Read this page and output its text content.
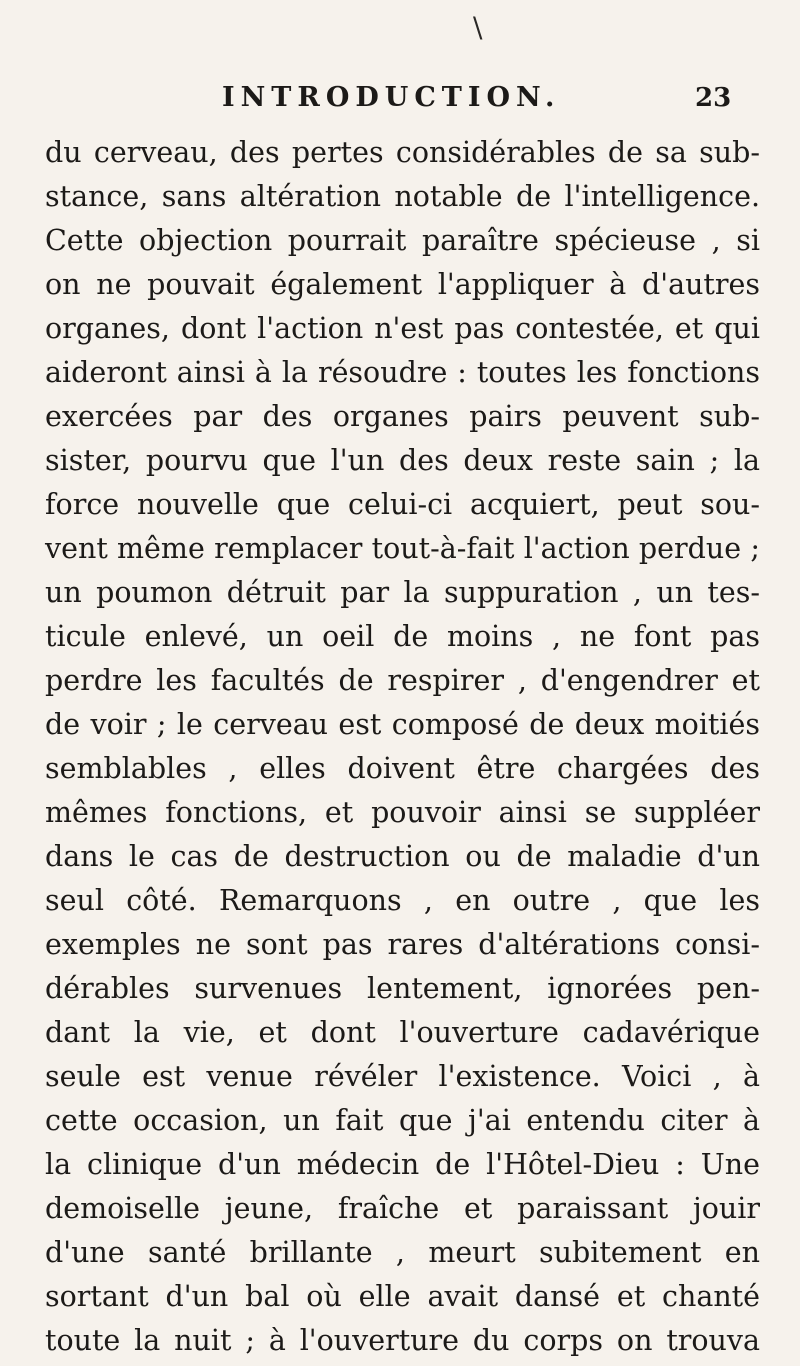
\
INTRODUCTION.	23
du cerveau, des pertes considérables de sa sub-
stance, sans altération notable de l'intelligence.
Cette objection pourrait paraître spécieuse , si
on ne pouvait également l'appliquer à d'autres
organes, dont l'action n'est pas contestée, et qui
aideront ainsi à la résoudre : toutes les fonctions
exercées par des organes pairs peuvent sub-
sister, pourvu que l'un des deux reste sain ; la
force nouvelle que celui-ci acquiert, peut sou-
vent même remplacer tout-à-fait l'action perdue ;
un poumon détruit par la suppuration , un tes-
ticule enlevé, un oeil de moins , ne font pas
perdre les facultés de respirer , d'engendrer et
de voir ; le cerveau est composé de deux moitiés
semblables , elles doivent être chargées des
mêmes fonctions, et pouvoir ainsi se suppléer
dans le cas de destruction ou de maladie d'un
seul côté. Remarquons , en outre , que les
exemples ne sont pas rares d'altérations consi-
dérables survenues lentement, ignorées pen-
dant la vie, et dont l'ouverture cadavérique
seule est venue révéler l'existence. Voici , à
cette occasion, un fait que j'ai entendu citer à
la clinique d'un médecin de l'Hôtel-Dieu : Une
demoiselle jeune, fraîche et paraissant jouir
d'une santé brillante , meurt subitement en
sortant d'un bal où elle avait dansé et chanté
toute la nuit ; à l'ouverture du corps on trouva
